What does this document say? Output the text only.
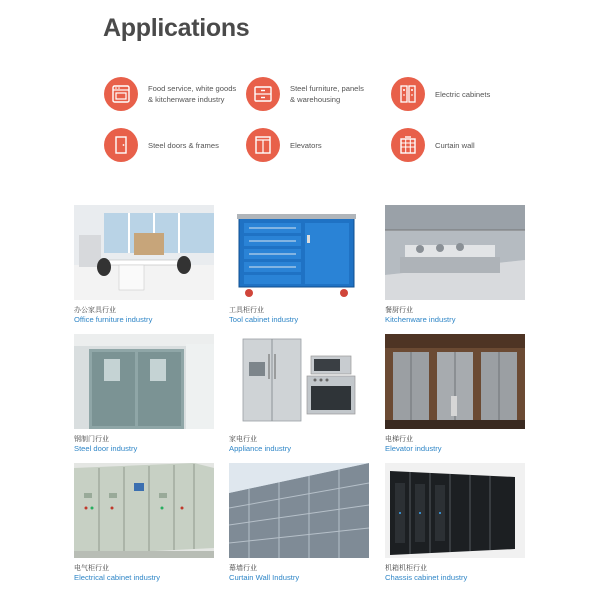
Applications
Food service, white goods
& kitchenware industry
Steel furniture, panels
& warehousing
Electric cabinets
Steel doors & frames	Elevators	Curtain wall
办公家具行业
Office furniture industry
工具柜行业
Tool cabinet industry
餐厨行业
Kitchenware industry
钢制门行业
Steel door industry
家电行业
Appliance industry
电梯行业
Elevator industry
电气柜行业
Electrical cabinet industry
幕墙行业
Curtain Wall Industry
机箱机柜行业
Chassis cabinet industry
